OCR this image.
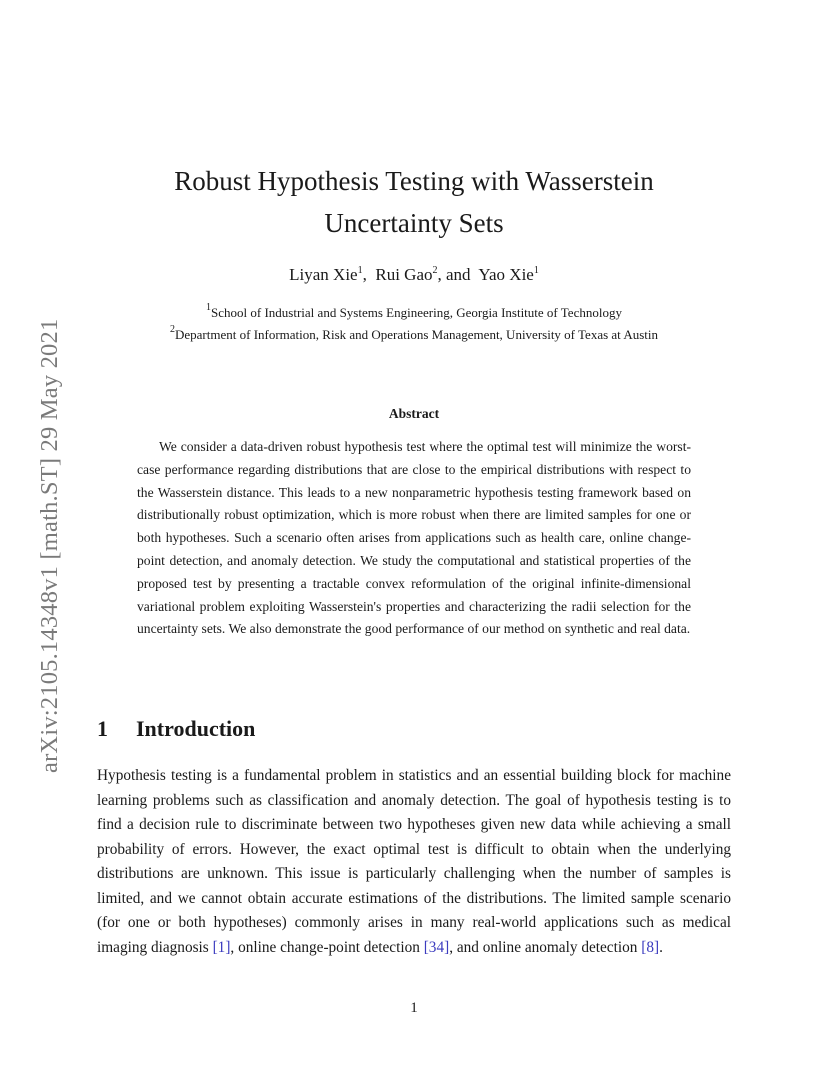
arXiv:2105.14348v1 [math.ST] 29 May 2021
Robust Hypothesis Testing with Wasserstein
Uncertainty Sets
Liyan Xie$^1$,  Rui Gao$^2$, and  Yao Xie$^1$
$^1$School of Industrial and Systems Engineering, Georgia Institute of Technology
$^2$Department of Information, Risk and Operations Management, University of Texas at Austin
Abstract

We consider a data-driven robust hypothesis test where the optimal test will minimize the worst-case performance regarding distributions that are close to the empirical distributions with respect to the Wasserstein distance. This leads to a new nonparametric hypothesis testing framework based on distributionally robust optimization, which is more robust when there are limited samples for one or both hypotheses. Such a scenario often arises from applications such as health care, online change-point detection, and anomaly detection. We study the computational and statistical properties of the proposed test by presenting a tractable convex reformulation of the original infinite-dimensional variational problem exploiting Wasserstein's properties and characterizing the radii selection for the uncertainty sets. We also demonstrate the good performance of our method on synthetic and real data.

1 Introduction

Hypothesis testing is a fundamental problem in statistics and an essential building block for machine learning problems such as classification and anomaly detection. The goal of hypothesis testing is to find a decision rule to discriminate between two hypotheses given new data while achieving a small probability of errors. However, the exact optimal test is difficult to obtain when the underlying distributions are unknown. This issue is particularly challenging when the number of samples is limited, and we cannot obtain accurate estimations of the distributions. The limited sample scenario (for one or both hypotheses) commonly arises in many real-world applications such as medical imaging diagnosis [1], online change-point detection [34], and online anomaly detection [8].

1
